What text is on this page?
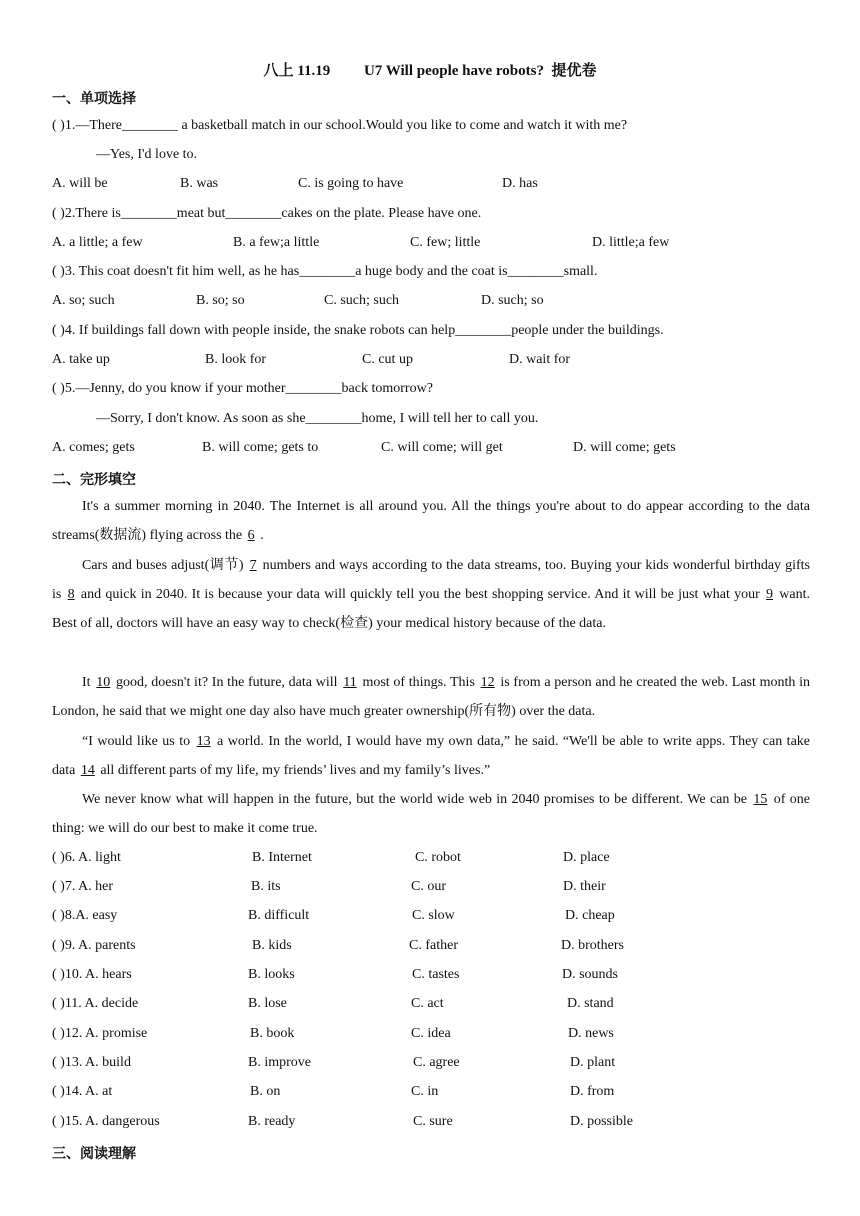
八上 11.19         U7 Will people have robots?  提优卷
一、单项选择
( )1.—There________ a basketball match in our school.Would you like to come and watch it with me?
—Yes, I'd love to.
A. will be	B. was	C. is going to have	D. has
( )2.There is________meat but________cakes on the plate. Please have one.
A. a little; a few	B. a few;a little	C. few; little	D. little;a few
( )3. This coat doesn't fit him well, as he has________a huge body and the coat is________small.
A. so; such	B. so; so	C. such; such	D. such; so
( )4. If buildings fall down with people inside, the snake robots can help________people under the buildings.
A. take up	B. look for	C. cut up	D. wait for
( )5.—Jenny, do you know if your mother________back tomorrow?
—Sorry, I don't know. As soon as she________home, I will tell her to call you.
A. comes; gets	B. will come; gets to	C. will come; will get	D. will come; gets
二、完形填空
It's a summer morning in 2040. The Internet is all around you. All the things you're about to do appear according to the data streams(数据流) flying across the 6 .
Cars and buses adjust(调节) 7 numbers and ways according to the data streams, too. Buying your kids wonderful birthday gifts is 8 and quick in 2040. It is because your data will quickly tell you the best shopping service. And it will be just what your 9 want. Best of all, doctors will have an easy way to check(检查) your medical history because of the data.
It 10 good, doesn't it? In the future, data will 11 most of things. This 12 is from a person and he created the web. Last month in London, he said that we might one day also have much greater ownership(所有物) over the data.
“I would like us to 13 a world. In the world, I would have my own data,” he said. “We'll be able to write apps. They can take data 14 all different parts of my life, my friends’ lives and my family’s lives.”
We never know what will happen in the future, but the world wide web in 2040 promises to be different. We can be 15 of one thing: we will do our best to make it come true.
( )6. A. light	B. Internet	C. robot	D. place
( )7. A. her	B. its	C. our	D. their
( )8.A. easy	B. difficult	C. slow	D. cheap
( )9. A. parents	B. kids	C. father	D. brothers
( )10. A. hears	B. looks	C. tastes	D. sounds
( )11. A. decide	B. lose	C. act	D. stand
( )12. A. promise	B. book	C. idea	D. news
( )13. A. build	B. improve	C. agree	D. plant
( )14. A. at	B. on	C. in	D. from
( )15. A. dangerous	B. ready	C. sure	D. possible
三、阅读理解
